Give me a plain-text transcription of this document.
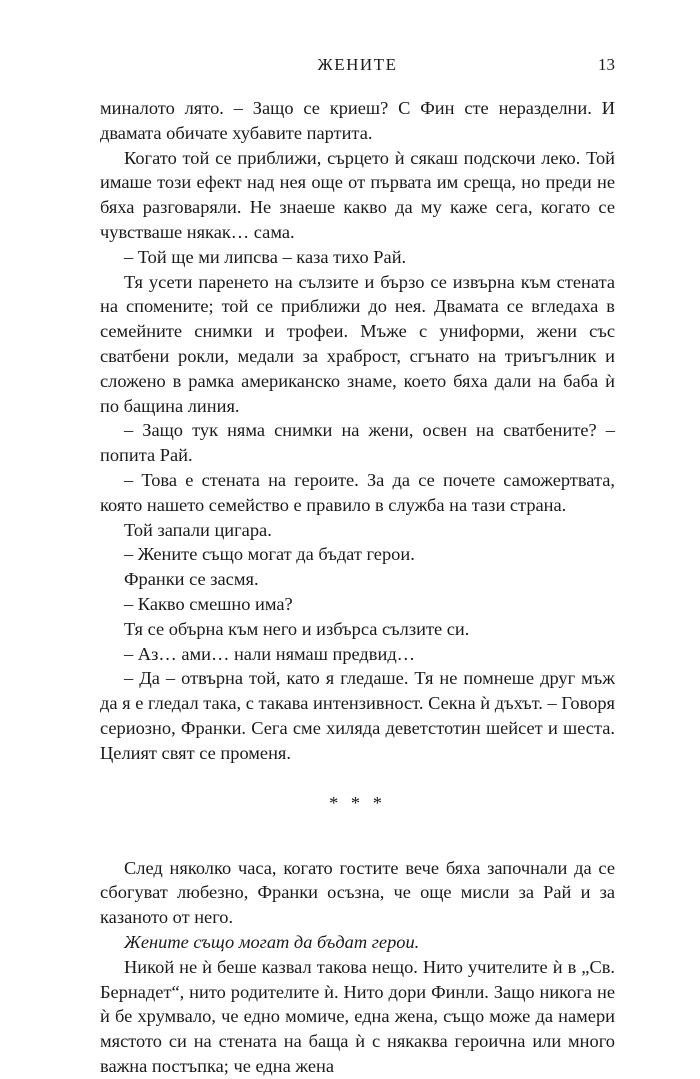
ЖЕНИТЕ	13

миналото лято. – Защо се криеш? С Фин сте неразделни. И двамата обичате хубавите партита.

Когато той се приближи, сърцето ѝ сякаш подскочи леко. Той имаше този ефект над нея още от първата им среща, но преди не бяха разговаряли. Не знаеше какво да му каже сега, когато се чувстваше някак… сама.

– Той ще ми липсва – каза тихо Рай.

Тя усети паренето на сълзите и бързо се извърна към стената на спомените; той се приближи до нея. Двамата се вгледаха в семейните снимки и трофеи. Мъже с униформи, жени със сватбени рокли, медали за храброст, сгънато на триъгълник и сложено в рамка американско знаме, което бяха дали на баба ѝ по бащина линия.

– Защо тук няма снимки на жени, освен на сватбените? – попита Рай.

– Това е стената на героите. За да се почете саможертвата, която нашето семейство е правило в служба на тази страна.

Той запали цигара.

– Жените също могат да бъдат герои.

Франки се засмя.

– Какво смешно има?

Тя се обърна към него и избърса сълзите си.

– Аз… ами… нали нямаш предвид…

– Да – отвърна той, като я гледаше. Тя не помнеше друг мъж да я е гледал така, с такава интензивност. Секна ѝ дъхът. – Говоря сериозно, Франки. Сега сме хиляда деветстотин шейсет и шеста. Целият свят се променя.

* * *

След няколко часа, когато гостите вече бяха започнали да се сбогуват любезно, Франки осъзна, че още мисли за Рай и за казаното от него.

Жените също могат да бъдат герои.

Никой не ѝ беше казвал такова нещо. Нито учителите ѝ в „Св. Бернадет“, нито родителите ѝ. Нито дори Финли. Защо никога не ѝ бе хрумвало, че едно момиче, една жена, също може да намери мястото си на стената на баща ѝ с някаква героична или много важна постъпка; че една жена
